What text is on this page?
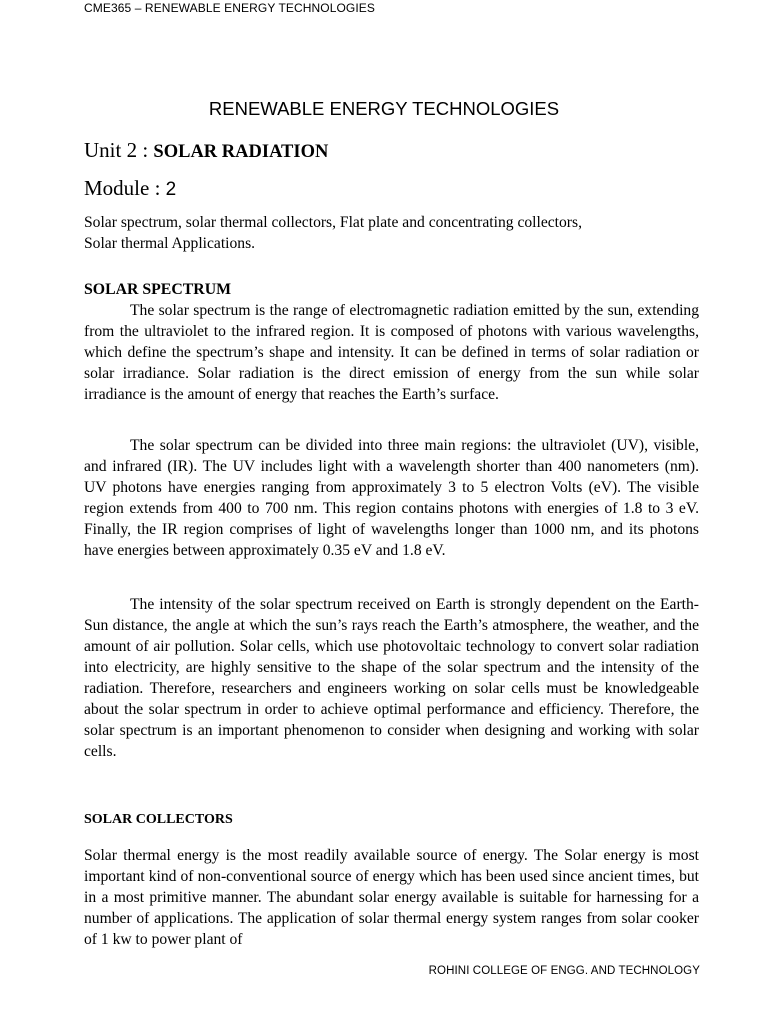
CME365 – RENEWABLE ENERGY TECHNOLOGIES
RENEWABLE ENERGY TECHNOLOGIES
Unit 2 : SOLAR RADIATION
Module : 2
Solar spectrum, solar thermal collectors, Flat plate and concentrating collectors,
Solar thermal Applications.
SOLAR SPECTRUM

The solar spectrum is the range of electromagnetic radiation emitted by the sun, extending from the ultraviolet to the infrared region. It is composed of photons with various wavelengths, which define the spectrum’s shape and intensity. It can be defined in terms of solar radiation or solar irradiance. Solar radiation is the direct emission of energy from the sun while solar irradiance is the amount of energy that reaches the Earth’s surface.

The solar spectrum can be divided into three main regions: the ultraviolet (UV), visible, and infrared (IR). The UV includes light with a wavelength shorter than 400 nanometers (nm). UV photons have energies ranging from approximately 3 to 5 electron Volts (eV). The visible region extends from 400 to 700 nm. This region contains photons with energies of 1.8 to 3 eV. Finally, the IR region comprises of light of wavelengths longer than 1000 nm, and its photons have energies between approximately 0.35 eV and 1.8 eV.

The intensity of the solar spectrum received on Earth is strongly dependent on the Earth-Sun distance, the angle at which the sun’s rays reach the Earth’s atmosphere, the weather, and the amount of air pollution. Solar cells, which use photovoltaic technology to convert solar radiation into electricity, are highly sensitive to the shape of the solar spectrum and the intensity of the radiation. Therefore, researchers and engineers working on solar cells must be knowledgeable about the solar spectrum in order to achieve optimal performance and efficiency. Therefore, the solar spectrum is an important phenomenon to consider when designing and working with solar cells.

SOLAR COLLECTORS

Solar thermal energy is the most readily available source of energy. The Solar energy is most important kind of non-conventional source of energy which has been used since ancient times, but in a most primitive manner. The abundant solar energy available is suitable for harnessing for a number of applications. The application of solar thermal energy system ranges from solar cooker of 1 kw to power plant of

ROHINI COLLEGE OF ENGG. AND TECHNOLOGY
